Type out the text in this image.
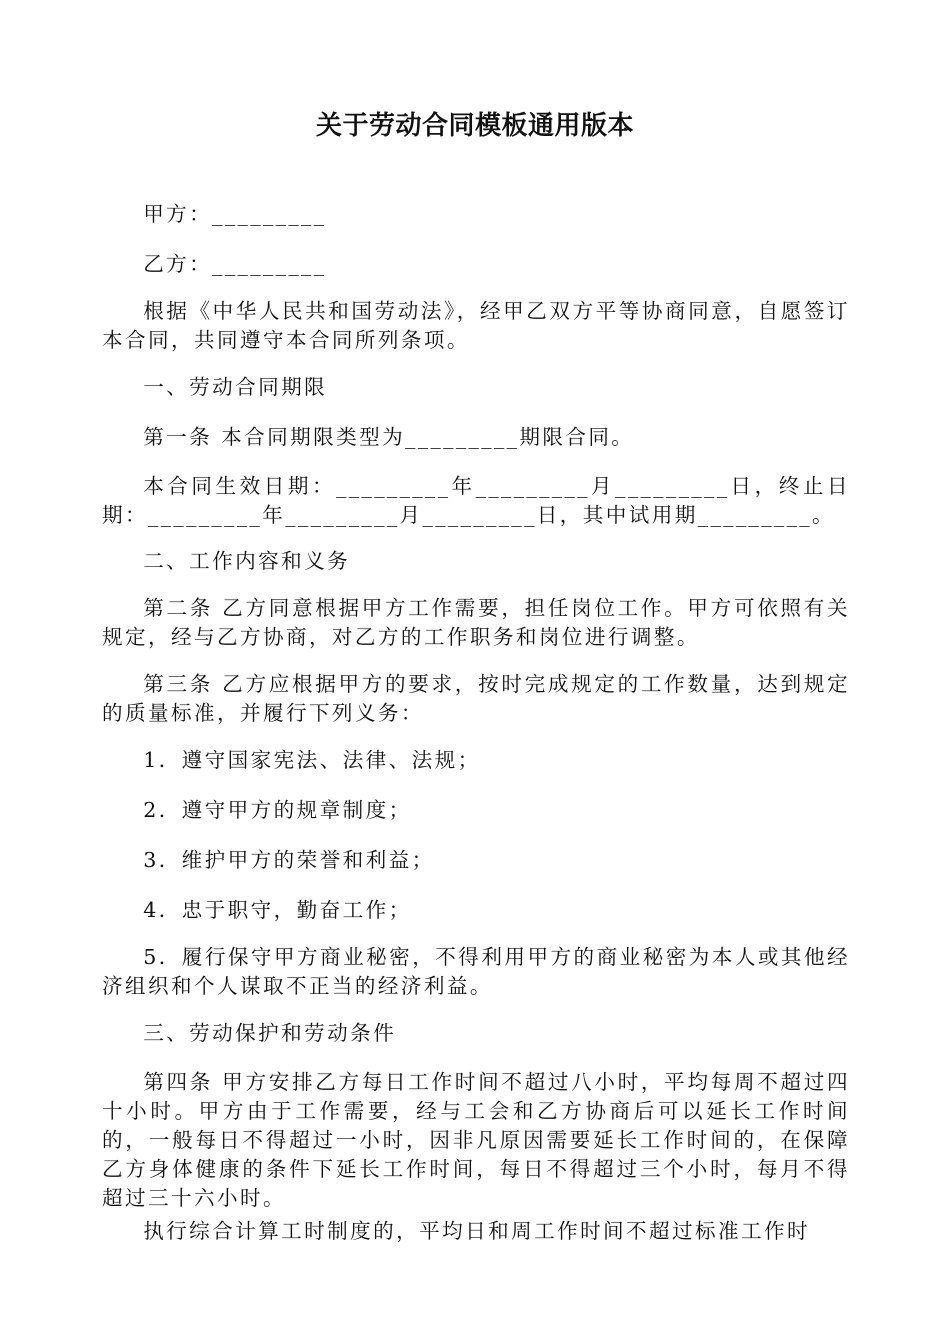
关于劳动合同模板通用版本

甲方：_________

乙方：_________

根据《中华人民共和国劳动法》，经甲乙双方平等协商同意，自愿签订本合同，共同遵守本合同所列条项。

一、劳动合同期限

第一条 本合同期限类型为_________期限合同。

本合同生效日期：_________年_________月_________日，终止日期：_________年_________月_________日，其中试用期_________。

二、工作内容和义务

第二条 乙方同意根据甲方工作需要，担任岗位工作。甲方可依照有关规定，经与乙方协商，对乙方的工作职务和岗位进行调整。

第三条 乙方应根据甲方的要求，按时完成规定的工作数量，达到规定的质量标准，并履行下列义务：

1．遵守国家宪法、法律、法规；

2．遵守甲方的规章制度；

3．维护甲方的荣誉和利益；

4．忠于职守，勤奋工作；

5．履行保守甲方商业秘密，不得利用甲方的商业秘密为本人或其他经济组织和个人谋取不正当的经济利益。

三、劳动保护和劳动条件

第四条 甲方安排乙方每日工作时间不超过八小时，平均每周不超过四十小时。甲方由于工作需要，经与工会和乙方协商后可以延长工作时间的，一般每日不得超过一小时，因非凡原因需要延长工作时间的，在保障乙方身体健康的条件下延长工作时间，每日不得超过三个小时，每月不得超过三十六小时。

执行综合计算工时制度的，平均日和周工作时间不超过标准工作时
